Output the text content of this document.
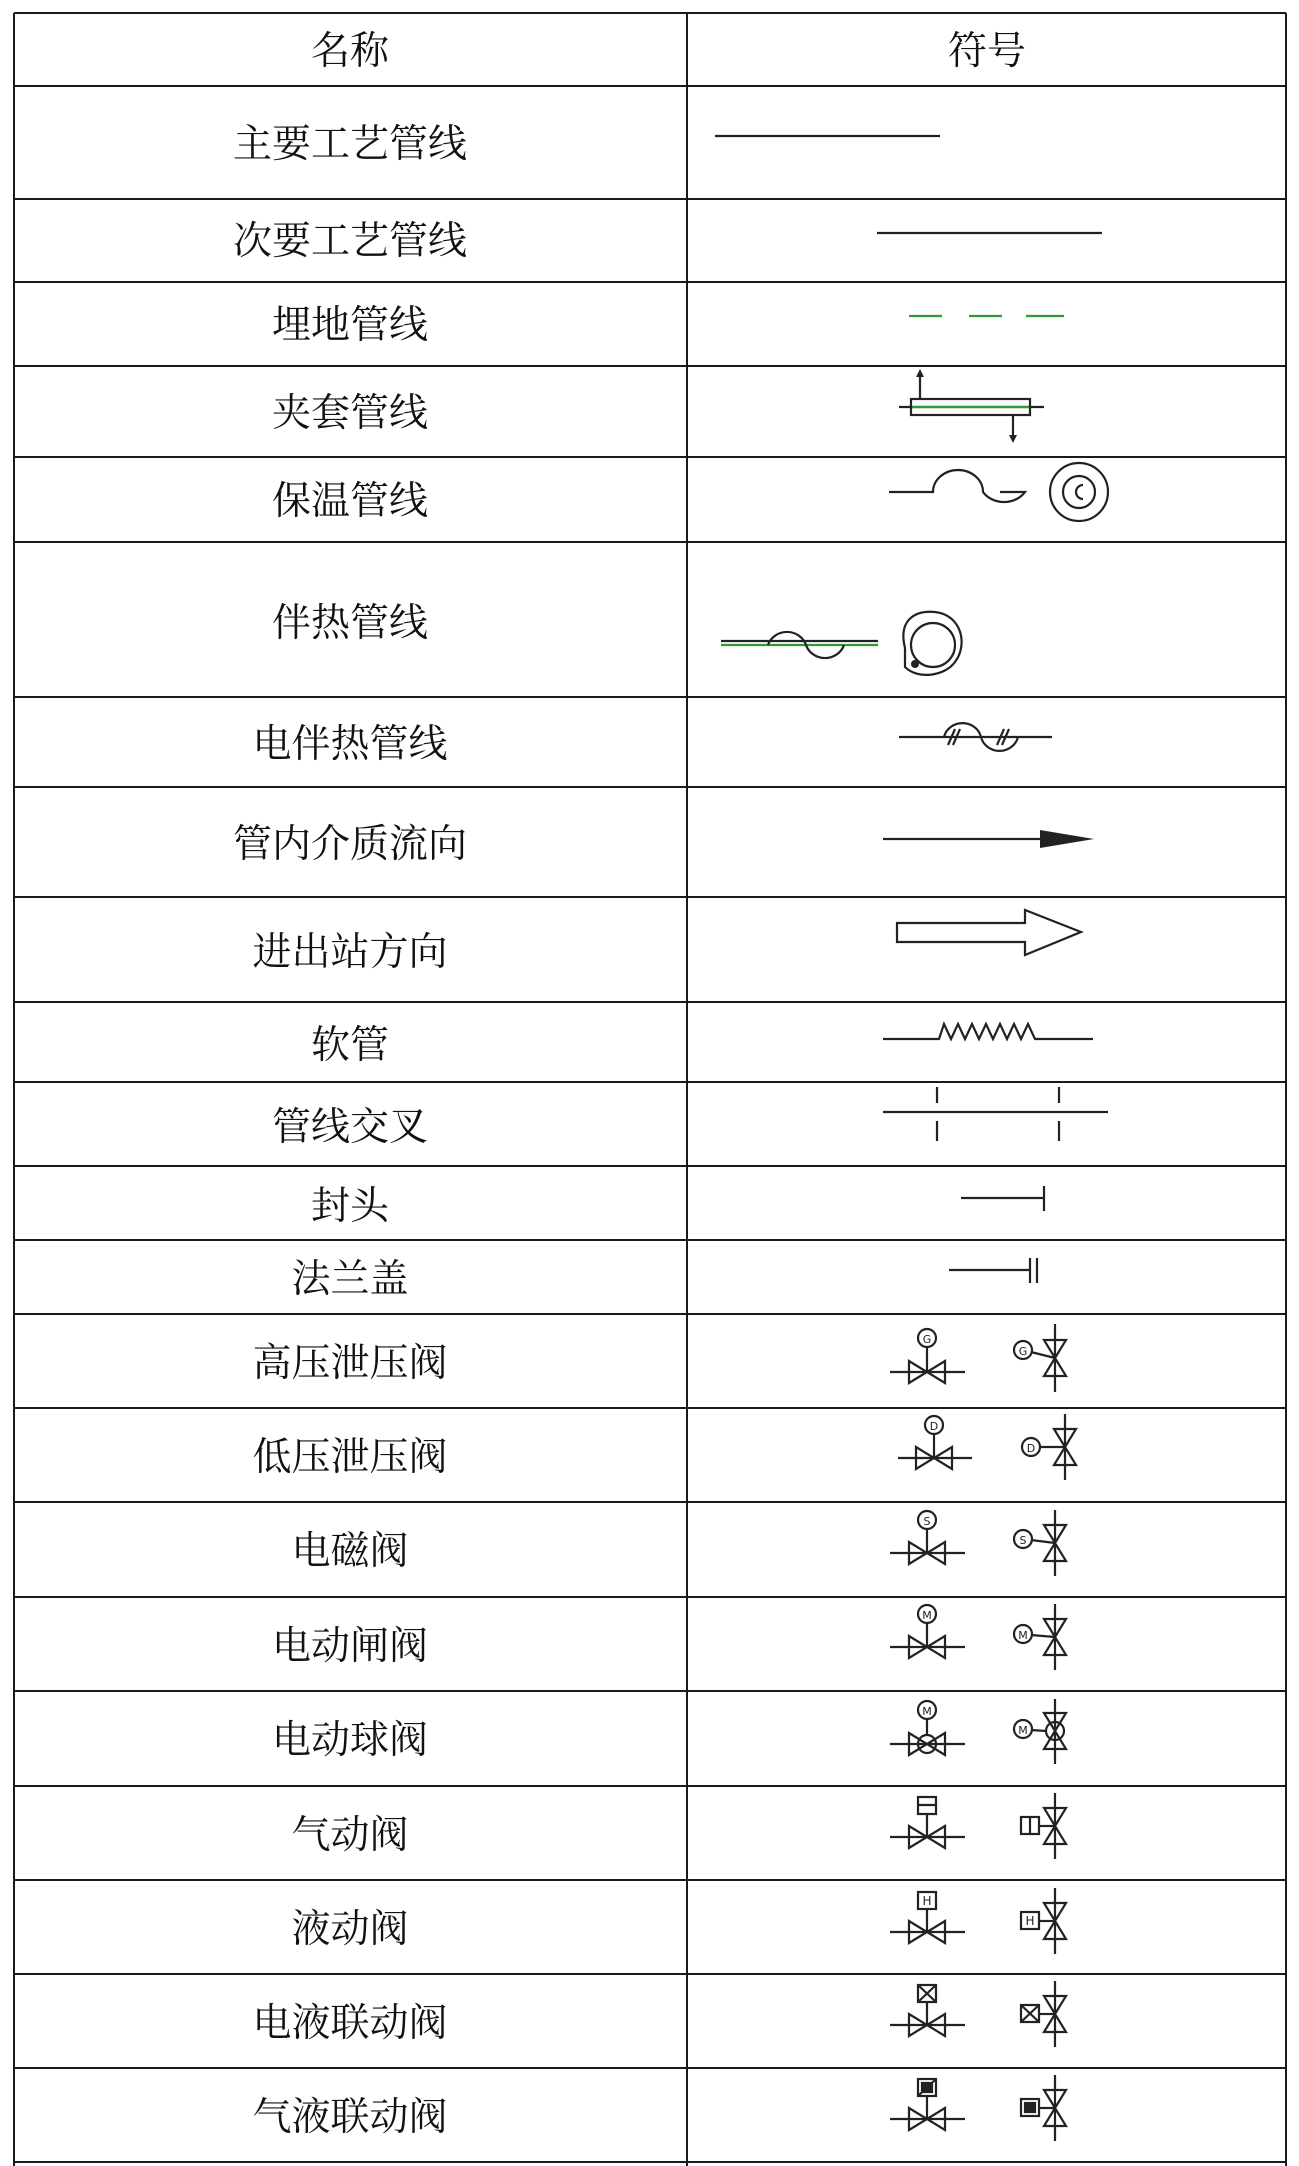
名称	符号
主要工艺管线
次要工艺管线
埋地管线
夹套管线
保温管线
伴热管线
电伴热管线
管内介质流向
进出站方向
软管
管线交叉
封头
法兰盖
高压泄压阀
低压泄压阀
电磁阀
电动闸阀
电动球阀
气动阀
液动阀
电液联动阀
气液联动阀
G
G
D
D
S
S
M
M
M
M
H
H
